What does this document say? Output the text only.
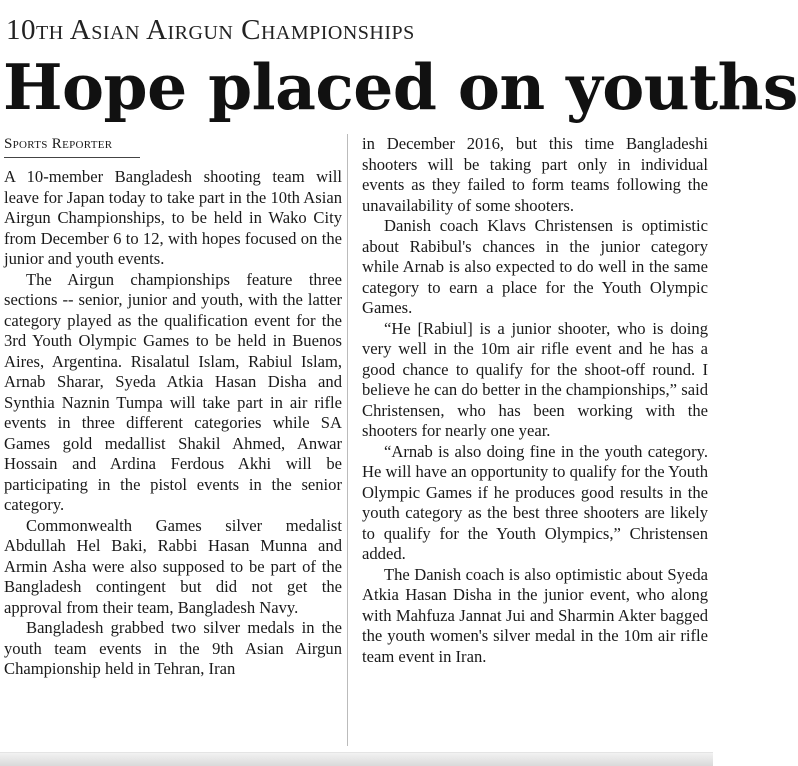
10th Asian Airgun Championships
Hope placed on youths
Sports Reporter

A 10-member Bangladesh shooting team will leave for Japan today to take part in the 10th Asian Airgun Championships, to be held in Wako City from December 6 to 12, with hopes focused on the junior and youth events.

The Airgun championships feature three sections -- senior, junior and youth, with the latter category played as the qualification event for the 3rd Youth Olympic Games to be held in Buenos Aires, Argentina. Risalatul Islam, Rabiul Islam, Arnab Sharar, Syeda Atkia Hasan Disha and Synthia Naznin Tumpa will take part in air rifle events in three different categories while SA Games gold medallist Shakil Ahmed, Anwar Hossain and Ardina Ferdous Akhi will be participating in the pistol events in the senior category.

Commonwealth Games silver medalist Abdullah Hel Baki, Rabbi Hasan Munna and Armin Asha were also supposed to be part of the Bangladesh contingent but did not get the approval from their team, Bangladesh Navy.

Bangladesh grabbed two silver medals in the youth team events in the 9th Asian Airgun Championship held in Tehran, Iran

in December 2016, but this time Bangladeshi shooters will be taking part only in individual events as they failed to form teams following the unavailability of some shooters.

Danish coach Klavs Christensen is optimistic about Rabibul's chances in the junior category while Arnab is also expected to do well in the same category to earn a place for the Youth Olympic Games.

“He [Rabiul] is a junior shooter, who is doing very well in the 10m air rifle event and he has a good chance to qualify for the shoot-off round. I believe he can do better in the championships,” said Christensen, who has been working with the shooters for nearly one year.

“Arnab is also doing fine in the youth category. He will have an opportunity to qualify for the Youth Olympic Games if he produces good results in the youth category as the best three shooters are likely to qualify for the Youth Olympics,” Christensen added.

The Danish coach is also optimistic about Syeda Atkia Hasan Disha in the junior event, who along with Mahfuza Jannat Jui and Sharmin Akter bagged the youth women's silver medal in the 10m air rifle team event in Iran.
